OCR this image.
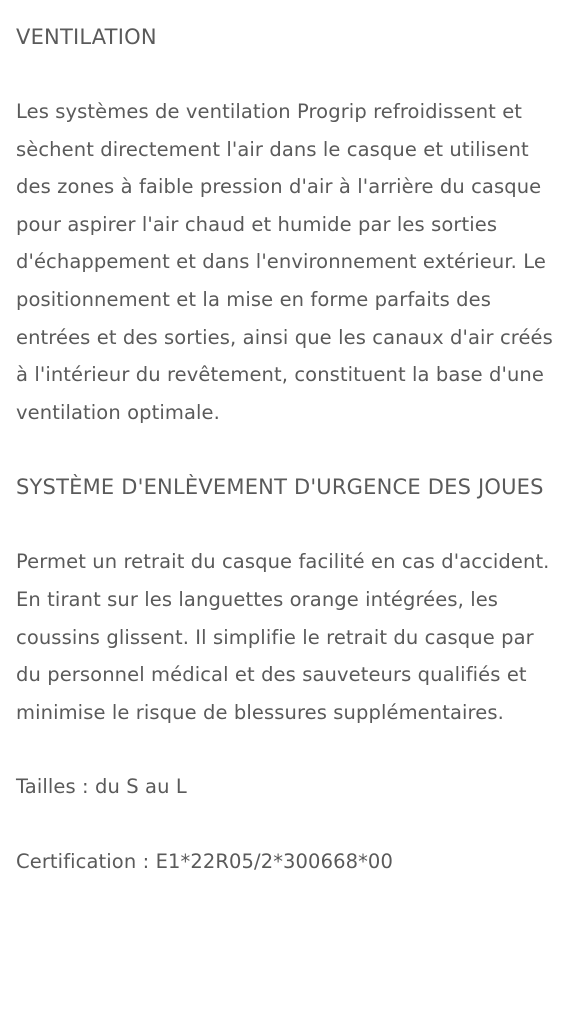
VENTILATION

Les systèmes de ventilation Progrip refroidissent et sèchent directement l'air dans le casque et utilisent des zones à faible pression d'air à l'arrière du casque pour aspirer l'air chaud et humide par les sorties d'échappement et dans l'environnement extérieur. Le positionnement et la mise en forme parfaits des entrées et des sorties, ainsi que les canaux d'air créés à l'intérieur du revêtement, constituent la base d'une ventilation optimale.

SYSTÈME D'ENLÈVEMENT D'URGENCE DES JOUES

Permet un retrait du casque facilité en cas d'accident. En tirant sur les languettes orange intégrées, les coussins glissent. Il simplifie le retrait du casque par du personnel médical et des sauveteurs qualifiés et minimise le risque de blessures supplémentaires.

Tailles : du S au L

Certification : E1*22R05/2*300668*00
